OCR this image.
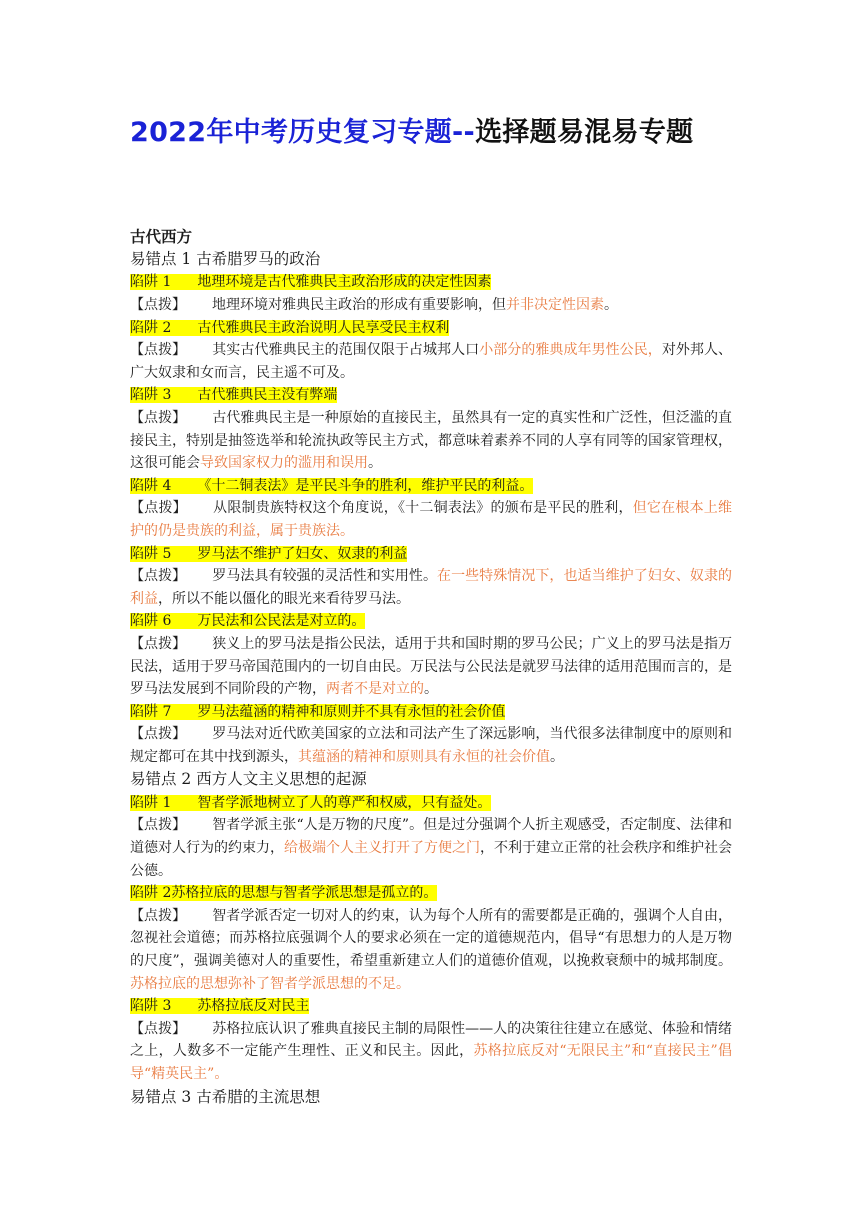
2022年中考历史复习专题--选择题易混易专题
古代西方
易错点 1 古希腊罗马的政治
陷阱 1 地理环境是古代雅典民主政治形成的决定性因素
【点拨】 地理环境对雅典民主政治的形成有重要影响，但并非决定性因素。
陷阱 2 古代雅典民主政治说明人民享受民主权利
【点拨】 其实古代雅典民主的范围仅限于占城邦人口小部分的雅典成年男性公民，对外邦人、广大奴隶和女而言，民主遥不可及。
陷阱 3 古代雅典民主没有弊端
【点拨】 古代雅典民主是一种原始的直接民主，虽然具有一定的真实性和广泛性，但泛滥的直接民主，特别是抽签选举和轮流执政等民主方式，都意味着素养不同的人享有同等的国家管理权，这很可能会导致国家权力的滥用和误用。
陷阱 4 《十二铜表法》是平民斗争的胜利，维护平民的利益。
【点拨】 从限制贵族特权这个角度说，《十二铜表法》的颁布是平民的胜利，但它在根本上维护的仍是贵族的利益，属于贵族法。
陷阱 5 罗马法不维护了妇女、奴隶的利益
【点拨】 罗马法具有较强的灵活性和实用性。在一些特殊情况下，也适当维护了妇女、奴隶的利益，所以不能以僵化的眼光来看待罗马法。
陷阱 6 万民法和公民法是对立的。
【点拨】 狭义上的罗马法是指公民法，适用于共和国时期的罗马公民；广义上的罗马法是指万民法，适用于罗马帝国范围内的一切自由民。万民法与公民法是就罗马法律的适用范围而言的，是罗马法发展到不同阶段的产物，两者不是对立的。
陷阱 7 罗马法蕴涵的精神和原则并不具有永恒的社会价值
【点拨】 罗马法对近代欧美国家的立法和司法产生了深远影响，当代很多法律制度中的原则和规定都可在其中找到源头，其蕴涵的精神和原则具有永恒的社会价值。
易错点 2 西方人文主义思想的起源
陷阱 1 智者学派地树立了人的尊严和权威，只有益处。
【点拨】 智者学派主张“人是万物的尺度”。但是过分强调个人折主观感受，否定制度、法律和道德对人行为的约束力，给极端个人主义打开了方便之门，不利于建立正常的社会秩序和维护社会公德。
陷阱 2苏格拉底的思想与智者学派思想是孤立的。
【点拨】 智者学派否定一切对人的约束，认为每个人所有的需要都是正确的，强调个人自由，忽视社会道德；而苏格拉底强调个人的要求必须在一定的道德规范内，倡导“有思想力的人是万物的尺度”，强调美德对人的重要性，希望重新建立人们的道德价值观，以挽救衰颓中的城邦制度。苏格拉底的思想弥补了智者学派思想的不足。
陷阱 3 苏格拉底反对民主
【点拨】 苏格拉底认识了雅典直接民主制的局限性——人的决策往往建立在感觉、体验和情绪之上，人数多不一定能产生理性、正义和民主。因此，苏格拉底反对“无限民主”和“直接民主”倡导“精英民主”。
易错点 3 古希腊的主流思想
